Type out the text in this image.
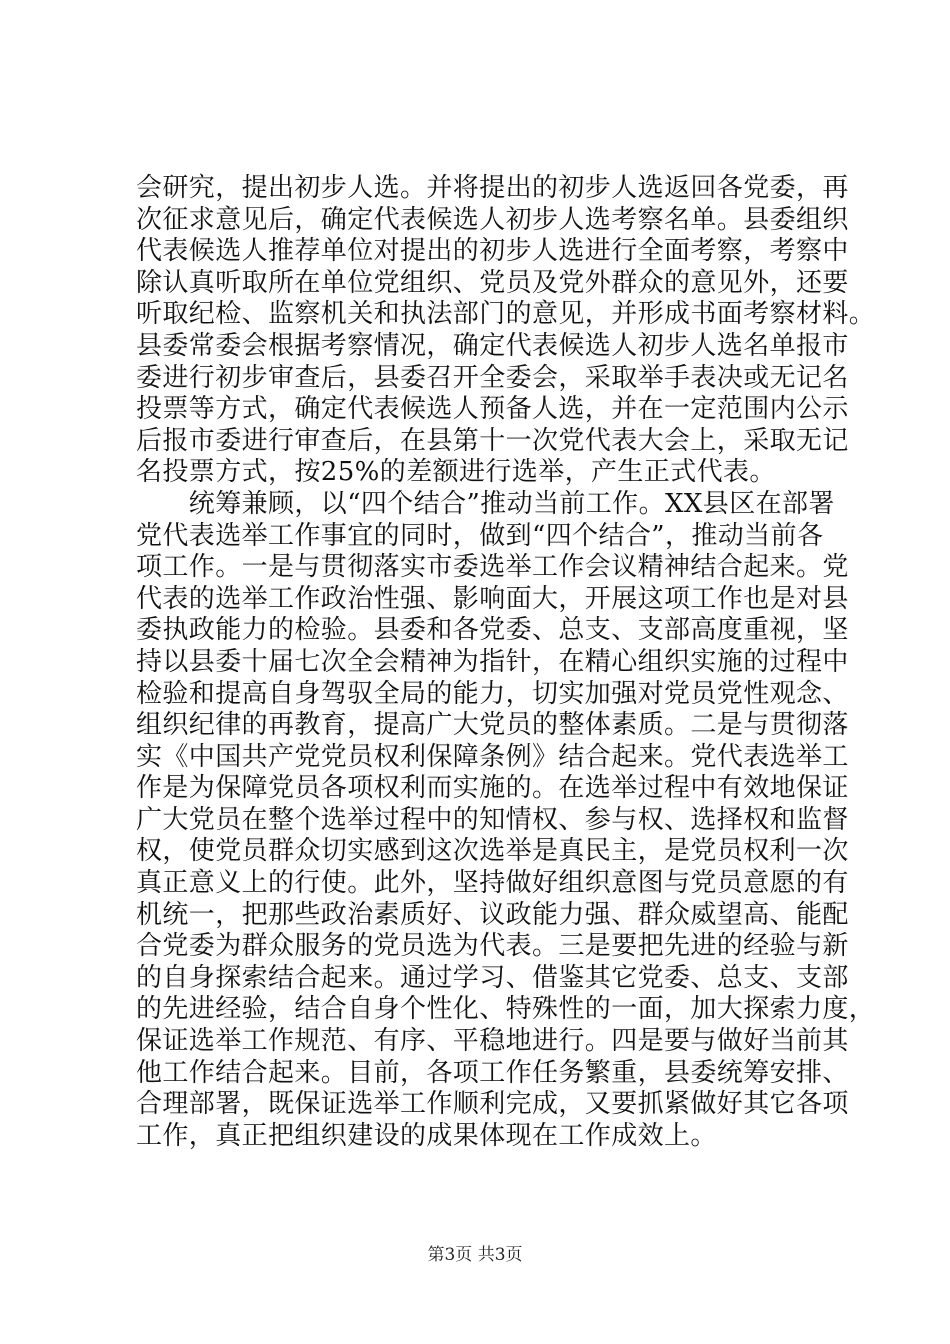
会研究，提出初步人选。并将提出的初步人选返回各党委，再
次征求意见后，确定代表候选人初步人选考察名单。县委组织
代表候选人推荐单位对提出的初步人选进行全面考察，考察中
除认真听取所在单位党组织、党员及党外群众的意见外，还要
听取纪检、监察机关和执法部门的意见，并形成书面考察材料。
县委常委会根据考察情况，确定代表候选人初步人选名单报市
委进行初步审查后，县委召开全委会，采取举手表决或无记名
投票等方式，确定代表候选人预备人选，并在一定范围内公示
后报市委进行审查后，在县第十一次党代表大会上，采取无记
名投票方式，按25%的差额进行选举，产生正式代表。
　　统筹兼顾，以“四个结合”推动当前工作。XX县区在部署
党代表选举工作事宜的同时，做到“四个结合”，推动当前各
项工作。一是与贯彻落实市委选举工作会议精神结合起来。党
代表的选举工作政治性强、影响面大，开展这项工作也是对县
委执政能力的检验。县委和各党委、总支、支部高度重视，坚
持以县委十届七次全会精神为指针，在精心组织实施的过程中
检验和提高自身驾驭全局的能力，切实加强对党员党性观念、
组织纪律的再教育，提高广大党员的整体素质。二是与贯彻落
实《中国共产党党员权利保障条例》结合起来。党代表选举工
作是为保障党员各项权利而实施的。在选举过程中有效地保证
广大党员在整个选举过程中的知情权、参与权、选择权和监督
权，使党员群众切实感到这次选举是真民主，是党员权利一次
真正意义上的行使。此外，坚持做好组织意图与党员意愿的有
机统一，把那些政治素质好、议政能力强、群众威望高、能配
合党委为群众服务的党员选为代表。三是要把先进的经验与新
的自身探索结合起来。通过学习、借鉴其它党委、总支、支部
的先进经验，结合自身个性化、特殊性的一面，加大探索力度，
保证选举工作规范、有序、平稳地进行。四是要与做好当前其
他工作结合起来。目前，各项工作任务繁重，县委统筹安排、
合理部署，既保证选举工作顺利完成，又要抓紧做好其它各项
工作，真正把组织建设的成果体现在工作成效上。
第3页 共3页
